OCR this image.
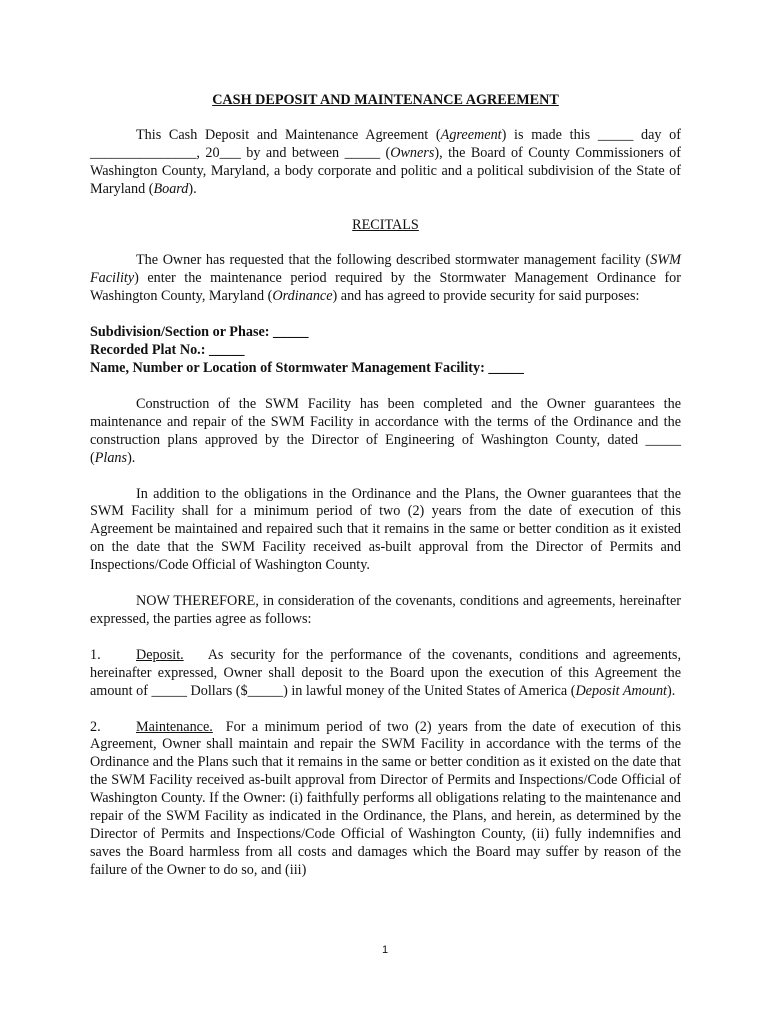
CASH DEPOSIT AND MAINTENANCE AGREEMENT

This Cash Deposit and Maintenance Agreement (Agreement) is made this _____ day of _______________, 20___ by and between _____ (Owners), the Board of County Commissioners of Washington County, Maryland, a body corporate and politic and a political subdivision of the State of Maryland (Board).

RECITALS

The Owner has requested that the following described stormwater management facility (SWM Facility) enter the maintenance period required by the Stormwater Management Ordinance for Washington County, Maryland (Ordinance) and has agreed to provide security for said purposes:

Subdivision/Section or Phase: _____
Recorded Plat No.: _____
Name, Number or Location of Stormwater Management Facility: _____

Construction of the SWM Facility has been completed and the Owner guarantees the maintenance and repair of the SWM Facility in accordance with the terms of the Ordinance and the construction plans approved by the Director of Engineering of Washington County, dated _____ (Plans).

In addition to the obligations in the Ordinance and the Plans, the Owner guarantees that the SWM Facility shall for a minimum period of two (2) years from the date of execution of this Agreement be maintained and repaired such that it remains in the same or better condition as it existed on the date that the SWM Facility received as-built approval from the Director of Permits and Inspections/Code Official of Washington County.

NOW THEREFORE, in consideration of the covenants, conditions and agreements, hereinafter expressed, the parties agree as follows:

1. Deposit. As security for the performance of the covenants, conditions and agreements, hereinafter expressed, Owner shall deposit to the Board upon the execution of this Agreement the amount of _____ Dollars ($_____) in lawful money of the United States of America (Deposit Amount).

2. Maintenance. For a minimum period of two (2) years from the date of execution of this Agreement, Owner shall maintain and repair the SWM Facility in accordance with the terms of the Ordinance and the Plans such that it remains in the same or better condition as it existed on the date that the SWM Facility received as-built approval from Director of Permits and Inspections/Code Official of Washington County. If the Owner: (i) faithfully performs all obligations relating to the maintenance and repair of the SWM Facility as indicated in the Ordinance, the Plans, and herein, as determined by the Director of Permits and Inspections/Code Official of Washington County, (ii) fully indemnifies and saves the Board harmless from all costs and damages which the Board may suffer by reason of the failure of the Owner to do so, and (iii)

1
